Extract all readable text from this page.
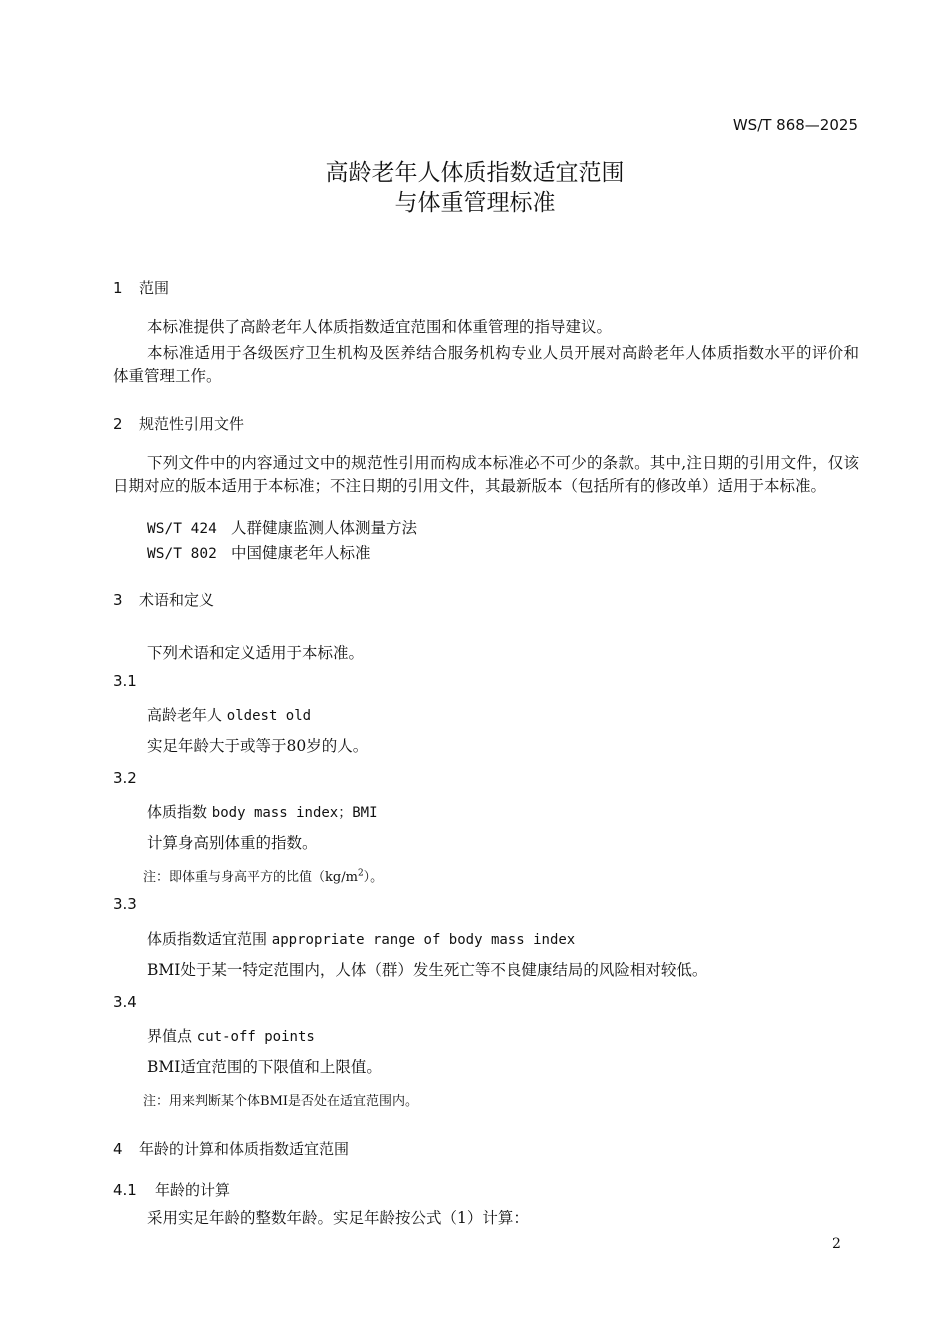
WS/T 868—2025
高龄老年人体质指数适宜范围
与体重管理标准
1 范围
本标准提供了高龄老年人体质指数适宜范围和体重管理的指导建议。
本标准适用于各级医疗卫生机构及医养结合服务机构专业人员开展对高龄老年人体质指数水平的评价和体重管理工作。
2 规范性引用文件
下列文件中的内容通过文中的规范性引用而构成本标准必不可少的条款。其中,注日期的引用文件，仅该日期对应的版本适用于本标准；不注日期的引用文件，其最新版本（包括所有的修改单）适用于本标准。
WS/T 424 人群健康监测人体测量方法
WS/T 802 中国健康老年人标准
3 术语和定义
下列术语和定义适用于本标准。
3.1
高龄老年人 oldest old
实足年龄大于或等于80岁的人。
3.2
体质指数 body mass index；BMI
计算身高别体重的指数。
注：即体重与身高平方的比值$(kg/m^2)$。
3.3
体质指数适宜范围 appropriate range of body mass index
BMI处于某一特定范围内，人体（群）发生死亡等不良健康结局的风险相对较低。
3.4
界值点 cut-off points
BMI适宜范围的下限值和上限值。
注：用来判断某个体BMI是否处在适宜范围内。
4 年龄的计算和体质指数适宜范围
4.1 年龄的计算
采用实足年龄的整数年龄。实足年龄按公式（1）计算：
2
